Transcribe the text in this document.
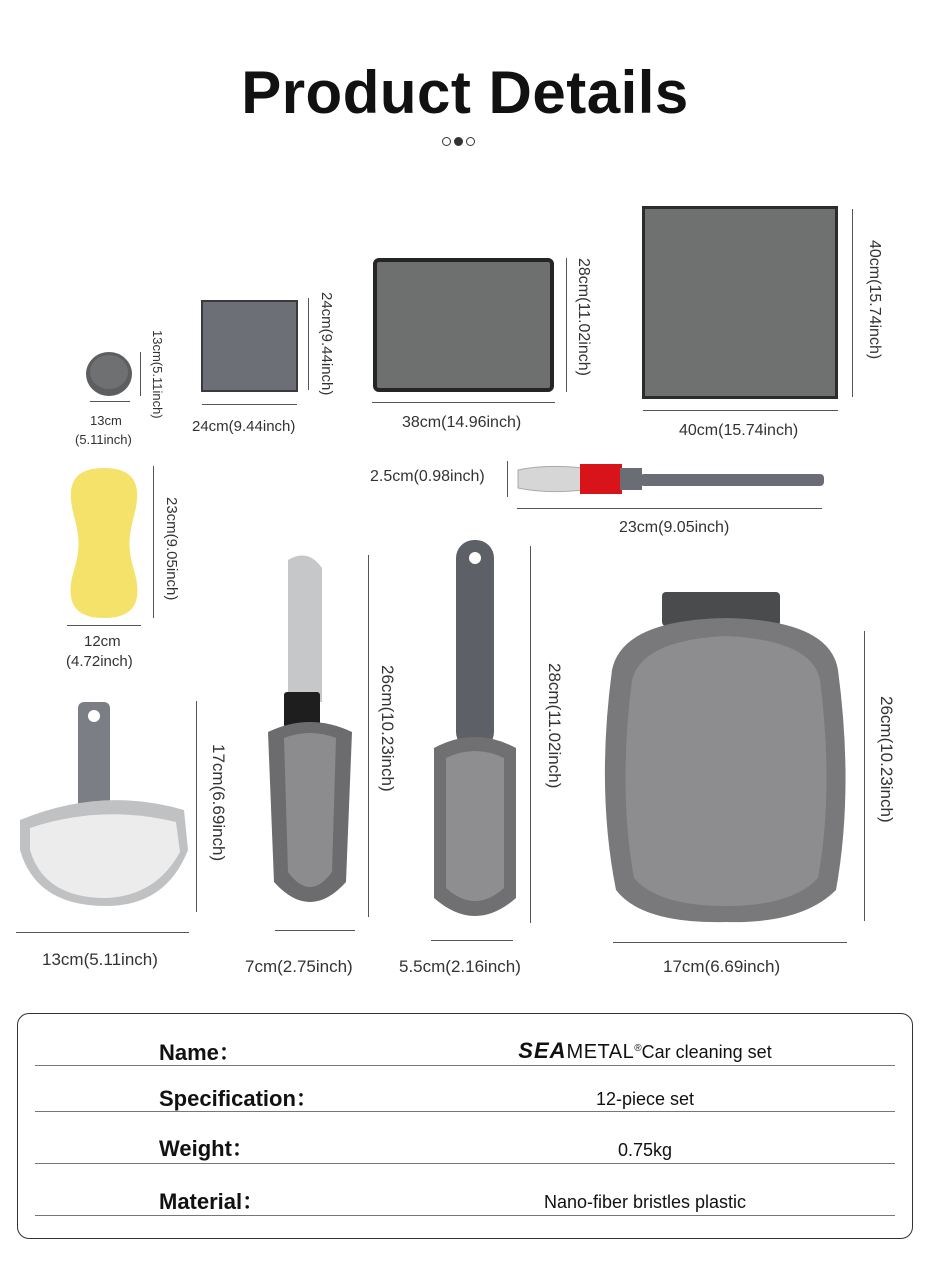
Product Details
13cm
(5.11inch)
13cm(5.11inch)
24cm(9.44inch)
24cm(9.44inch)
38cm(14.96inch)
28cm(11.02inch)
40cm(15.74inch)
40cm(15.74inch)
2.5cm(0.98inch)
23cm(9.05inch)
12cm
(4.72inch)
23cm(9.05inch)
13cm(5.11inch)
17cm(6.69inch)
7cm(2.75inch)
26cm(10.23inch)
5.5cm(2.16inch)
28cm(11.02inch)
17cm(6.69inch)
26cm(10.23inch)
Name：	SEAMETAL®Car cleaning set
Specification：	12-piece set
Weight：	0.75kg
Material：	Nano-fiber bristles plastic
